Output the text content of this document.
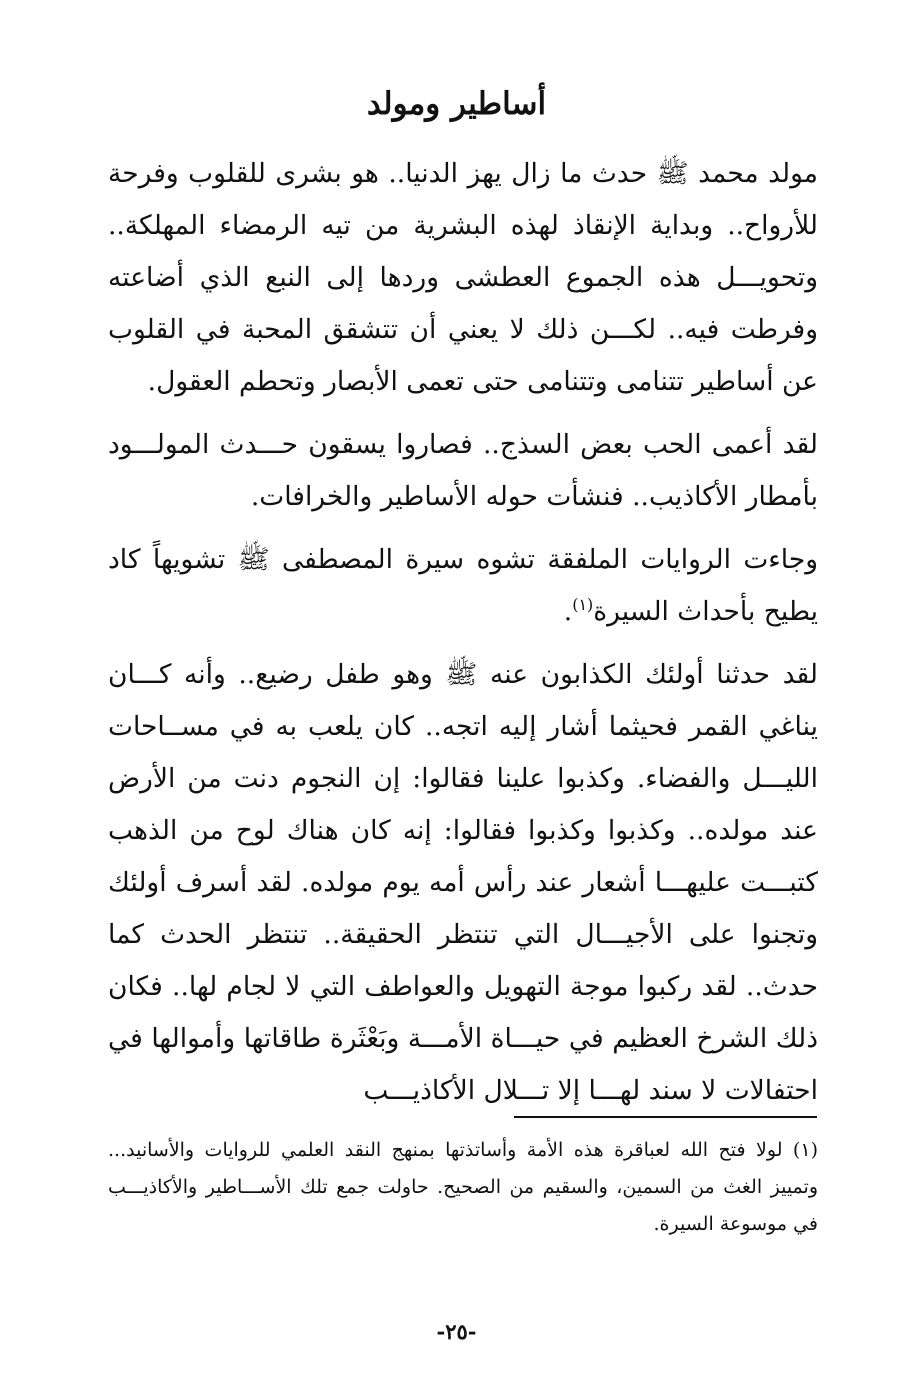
أساطير ومولد

مولد محمد ﷺ حدث ما زال يهز الدنيا.. هو بشرى للقلوب وفرحة للأرواح.. وبداية الإنقاذ لهذه البشرية من تيه الرمضاء المهلكة.. وتحويـــل هذه الجموع العطشى وردها إلى النبع الذي أضاعته وفرطت فيه.. لكـــن ذلك لا يعني أن تتشقق المحبة في القلوب عن أساطير تتنامى وتتنامى حتى تعمى الأبصار وتحطم العقول.

لقد أعمى الحب بعض السذج.. فصاروا يسقون حـــدث المولـــود بأمطار الأكاذيب.. فنشأت حوله الأساطير والخرافات.

وجاءت الروايات الملفقة تشوه سيرة المصطفى ﷺ تشويهاً كاد يطيح بأحداث السيرة$^{(١)}$.

لقد حدثنا أولئك الكذابون عنه ﷺ وهو طفل رضيع.. وأنه كـــان يناغي القمر فحيثما أشار إليه اتجه.. كان يلعب به في مســاحات الليـــل والفضاء. وكذبوا علينا فقالوا: إن النجوم دنت من الأرض عند مولده.. وكذبوا وكذبوا فقالوا: إنه كان هناك لوح من الذهب كتبـــت عليهـــا أشعار عند رأس أمه يوم مولده. لقد أسرف أولئك وتجنوا على الأجيـــال التي تنتظر الحقيقة.. تنتظر الحدث كما حدث.. لقد ركبوا موجة التهويل والعواطف التي لا لجام لها.. فكان ذلك الشرخ العظيم في حيـــاة الأمـــة وبَعْثَرة طاقاتها وأموالها في احتفالات لا سند لهـــا إلا تـــلال الأكاذيـــب

(١) لولا فتح الله لعباقرة هذه الأمة وأساتذتها بمنهج النقد العلمي للروايات والأسانيد... وتمييز الغث من السمين، والسقيم من الصحيح. حاولت جمع تلك الأســـاطير والأكاذيـــب في موسوعة السيرة.

-٢٥-
